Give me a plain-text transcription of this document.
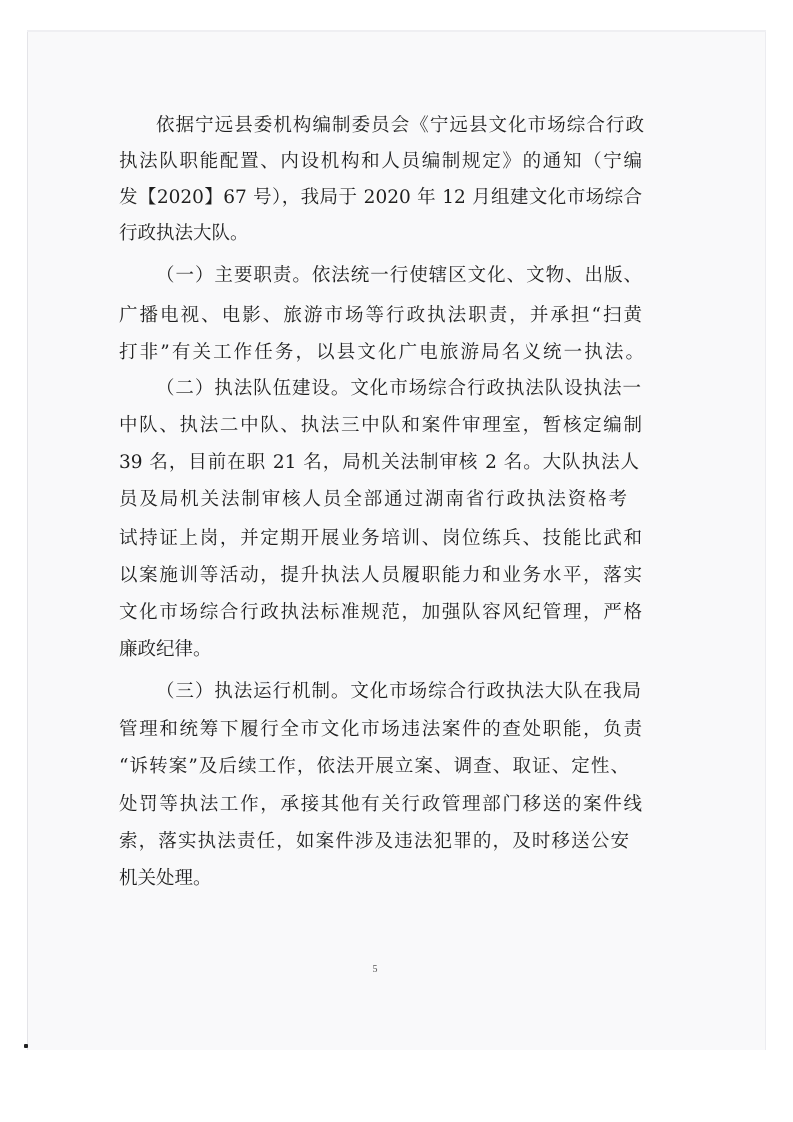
依据宁远县委机构编制委员会《宁远县文化市场综合行政
执法队职能配置、内设机构和人员编制规定》的通知（宁编
发【2020】67 号），我局于 2020 年 12 月组建文化市场综合
行政执法大队。
（一）主要职责。依法统一行使辖区文化、文物、出版、
广播电视、电影、旅游市场等行政执法职责，并承担“扫黄
打非”有关工作任务，以县文化广电旅游局名义统一执法。
（二）执法队伍建设。文化市场综合行政执法队设执法一
中队、执法二中队、执法三中队和案件审理室，暂核定编制
39 名，目前在职 21 名，局机关法制审核 2 名。大队执法人
员及局机关法制审核人员全部通过湖南省行政执法资格考
试持证上岗，并定期开展业务培训、岗位练兵、技能比武和
以案施训等活动，提升执法人员履职能力和业务水平，落实
文化市场综合行政执法标准规范，加强队容风纪管理，严格
廉政纪律。
（三）执法运行机制。文化市场综合行政执法大队在我局
管理和统筹下履行全市文化市场违法案件的查处职能，负责
“诉转案”及后续工作，依法开展立案、调查、取证、定性、
处罚等执法工作，承接其他有关行政管理部门移送的案件线
索，落实执法责任，如案件涉及违法犯罪的，及时移送公安
机关处理。
5
